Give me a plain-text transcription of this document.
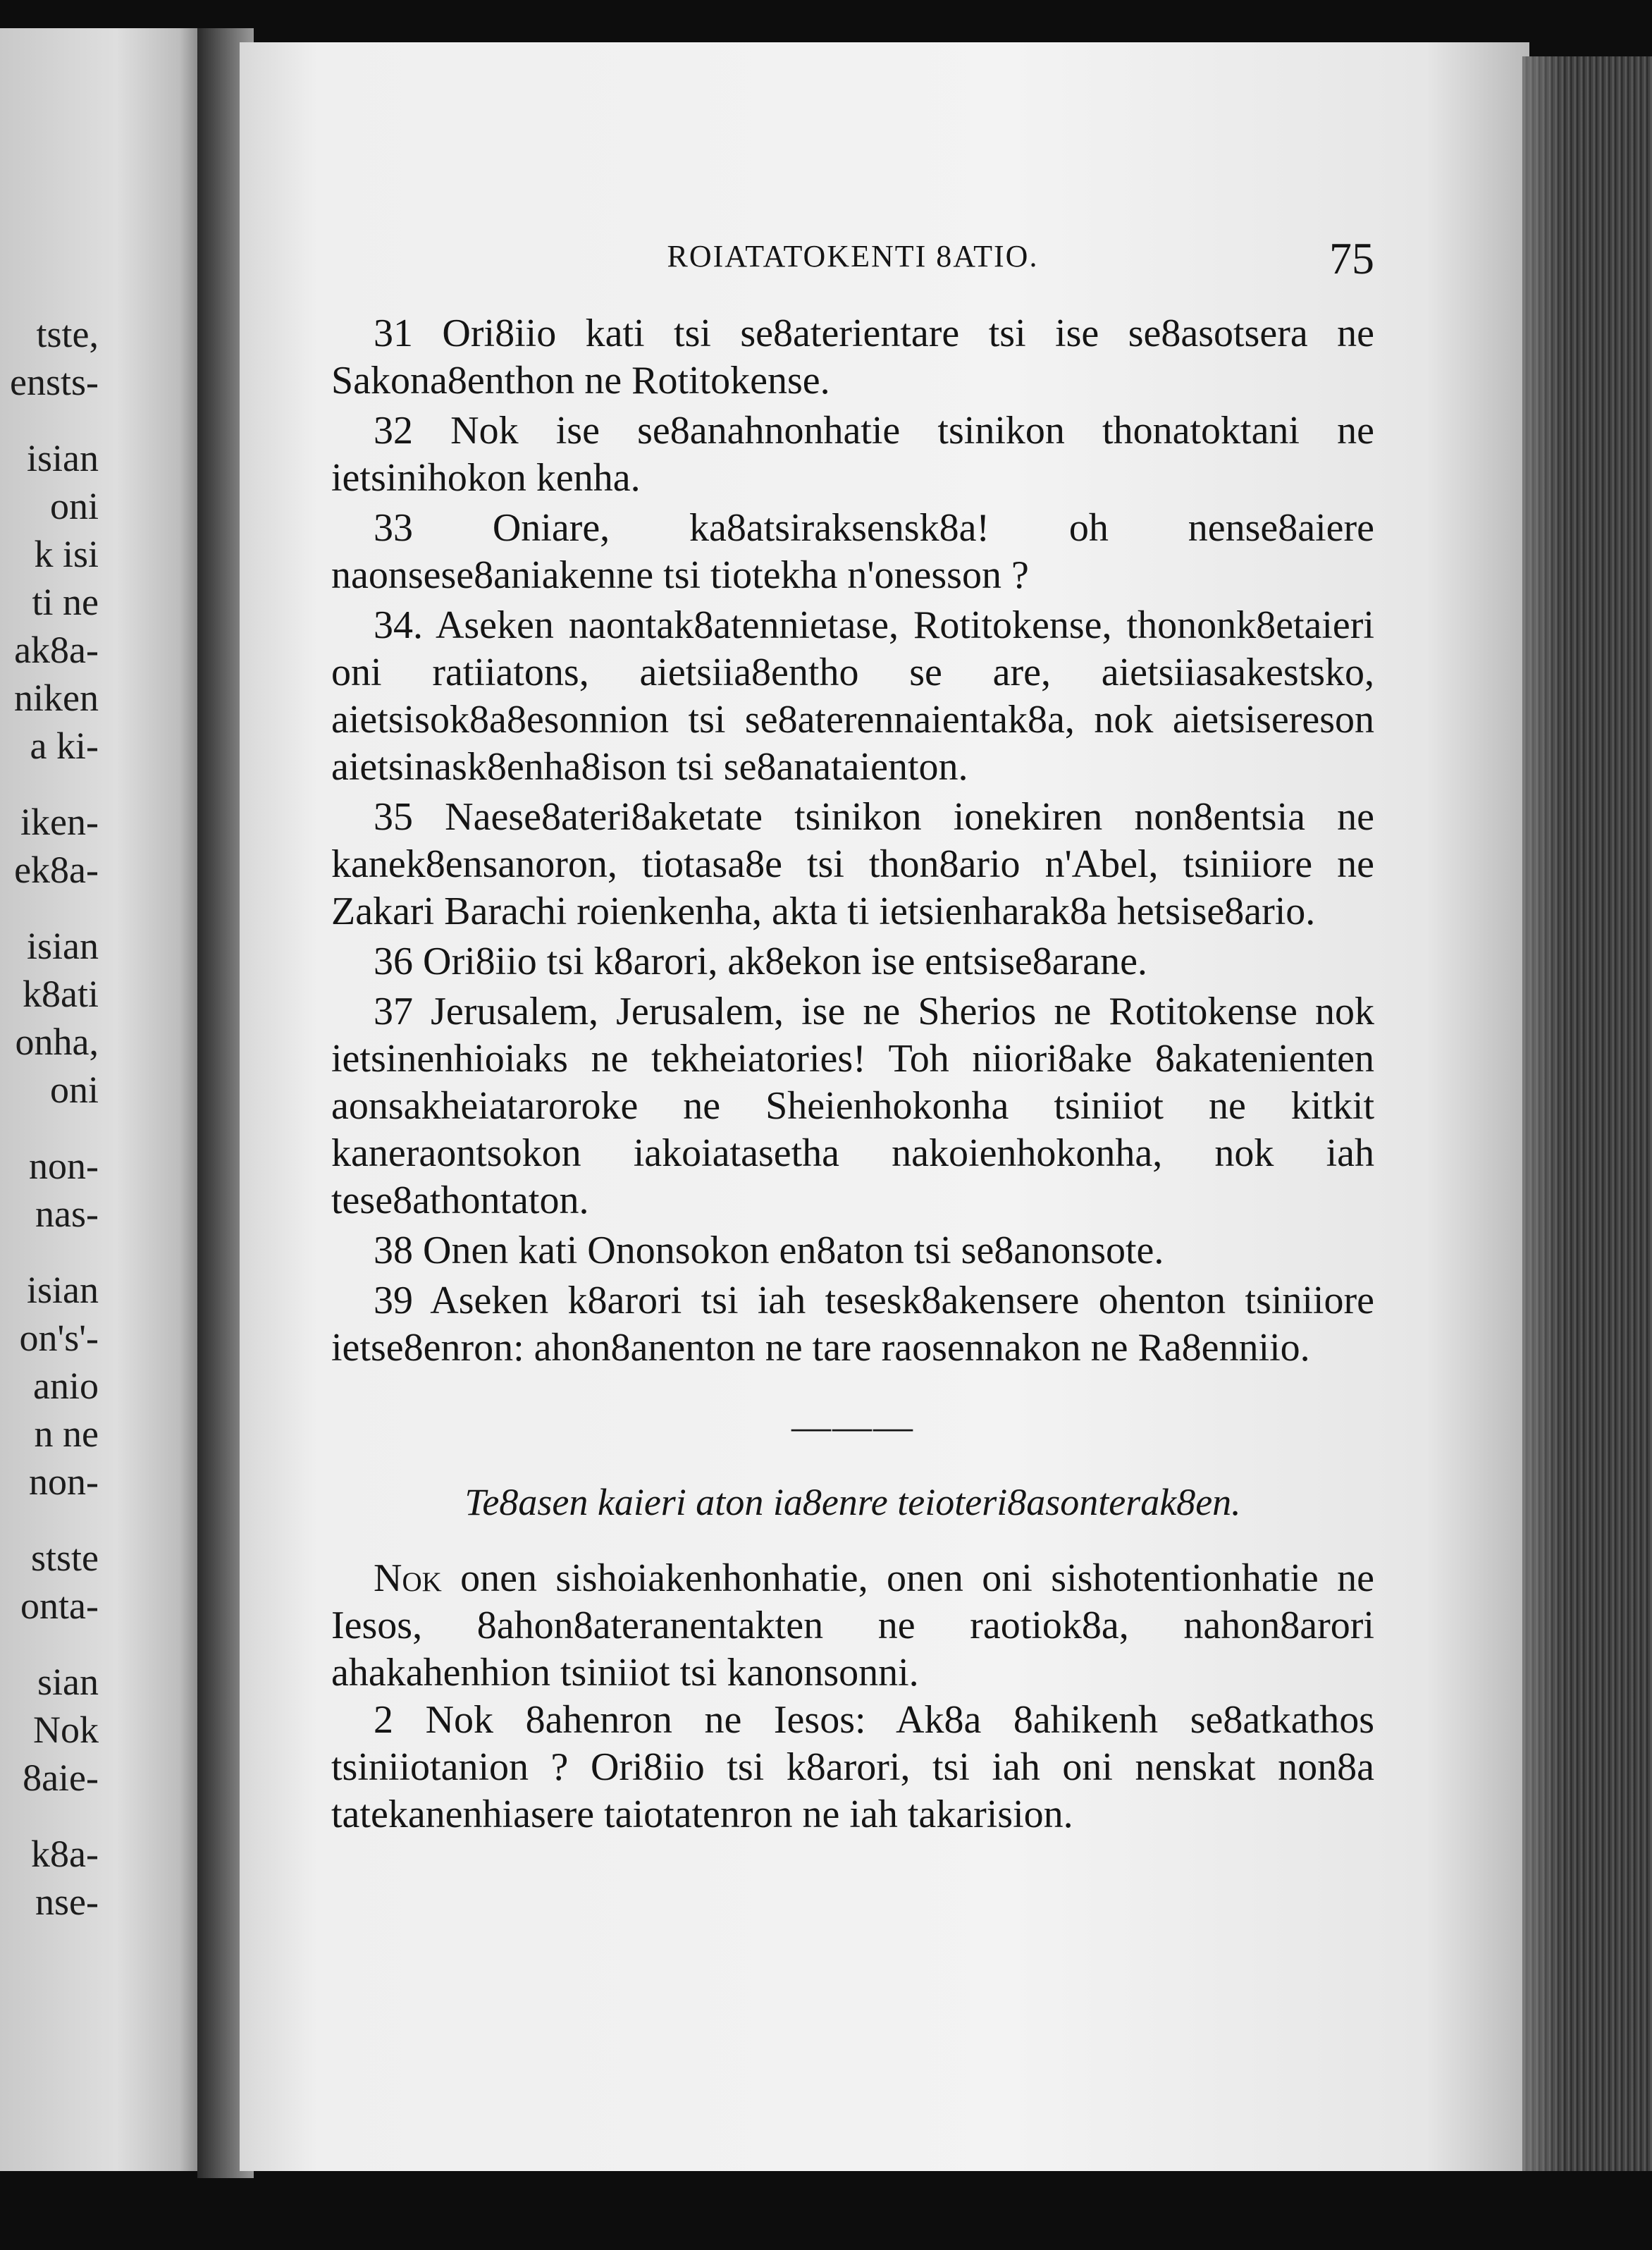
tste,
ensts-
isian
oni
k isi
ti ne
ak8a-
niken
a ki-
iken-
ek8a-
isian
k8ati
onha,
oni
non-
nas-
isian
on's'-
anio
n ne
non-
stste
onta-
sian
Nok
8aie-
k8a-
nse-
ROIATATOKENTI 8ATIO.	75

31 Ori8iio kati tsi se8aterientare tsi ise se8asotsera ne Sakona8enthon ne Rotitokense.

32 Nok ise se8anahnonhatie tsinikon thonatoktani ne ietsinihokon kenha.

33 Oniare, ka8atsiraksensk8a! oh nense8aiere naonsese8aniakenne tsi tiotekha n'onesson ?

34. Aseken naontak8atennietase, Rotitokense, thononk8etaieri oni ratiiatons, aietsiia8entho se are, aietsiiasakestsko, aietsisok8a8esonnion tsi se8aterennaientak8a, nok aietsisereson aietsinask8enha8ison tsi se8anataienton.

35 Naese8ateri8aketate tsinikon ionekiren non8entsia ne kanek8ensanoron, tiotasa8e tsi thon8ario n'Abel, tsiniiore ne Zakari Barachi roienkenha, akta ti ietsienharak8a hetsise8ario.

36 Ori8iio tsi k8arori, ak8ekon ise entsise8arane.

37 Jerusalem, Jerusalem, ise ne Sherios ne Rotitokense nok ietsinenhioiaks ne tekheiatories! Toh niiori8ake 8akatenienten aonsakheiataroroke ne Sheienhokonha tsiniiot ne kitkit kaneraontsokon iakoiatasetha nakoienhokonha, nok iah tese8athontaton.

38 Onen kati Ononsokon en8aton tsi se8anonsote.

39 Aseken k8arori tsi iah tesesk8akensere ohenton tsiniiore ietse8enron: ahon8anenton ne tare raosennakon ne Ra8enniio.

———
Te8asen kaieri aton ia8enre teioteri8asonterak8en.

Nok onen sishoiakenhonhatie, onen oni sishotentionhatie ne Iesos, 8ahon8ateranentakten ne raotiok8a, nahon8arori ahakahenhion tsiniiot tsi kanonsonni.

2 Nok 8ahenron ne Iesos: Ak8a 8ahikenh se8atkathos tsiniiotanion ? Ori8iio tsi k8arori, tsi iah oni nenskat non8a tatekanenhiasere taiotatenron ne iah takarision.
